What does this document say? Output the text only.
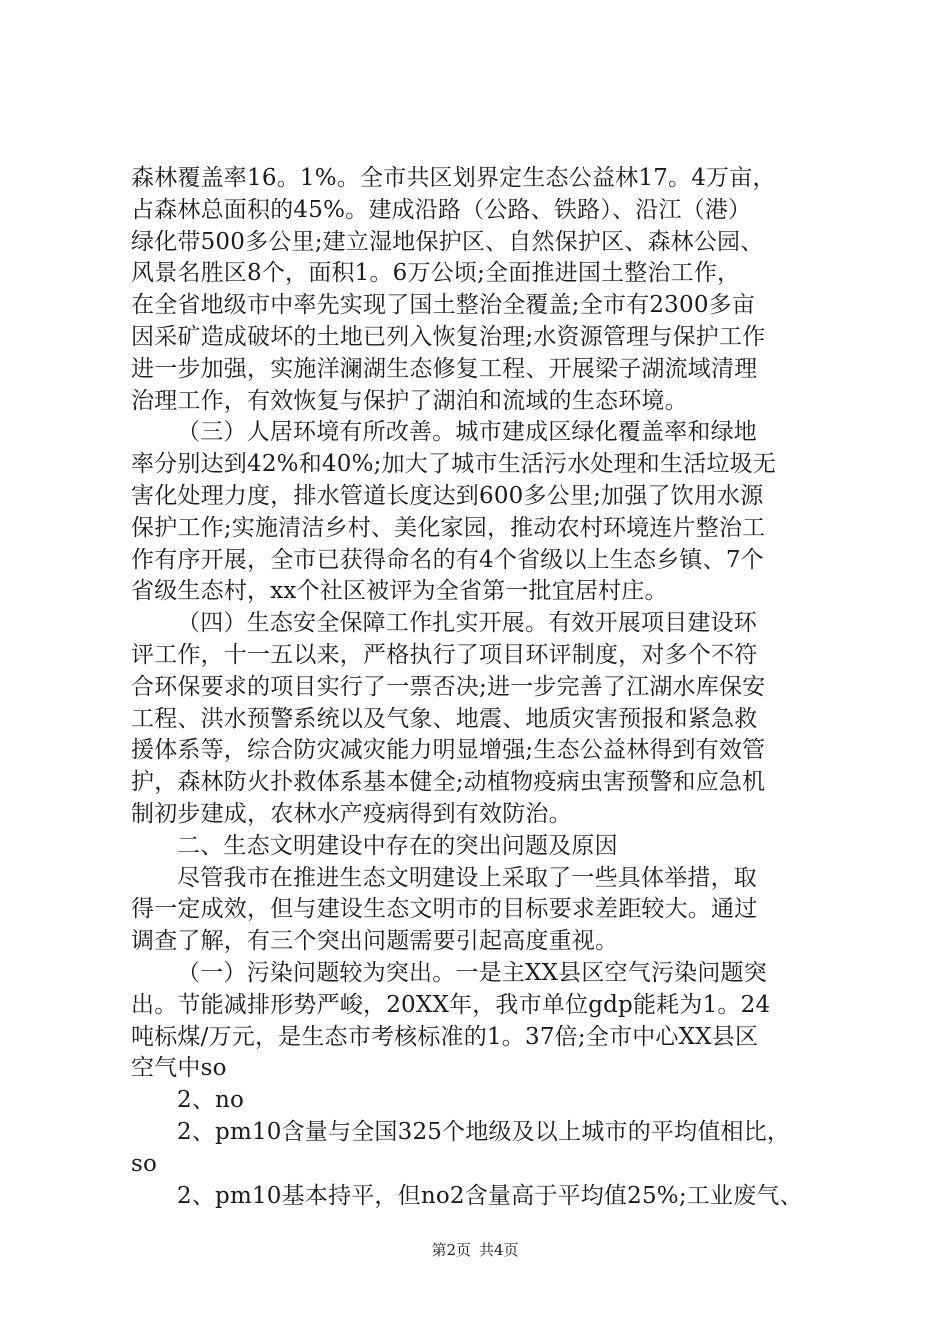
森林覆盖率16。1%。全市共区划界定生态公益林17。4万亩，
占森林总面积的45%。建成沿路（公路、铁路）、沿江（港）
绿化带500多公里;建立湿地保护区、自然保护区、森林公园、
风景名胜区8个，面积1。6万公顷;全面推进国土整治工作，
在全省地级市中率先实现了国土整治全覆盖;全市有2300多亩
因采矿造成破坏的土地已列入恢复治理;水资源管理与保护工作
进一步加强，实施洋澜湖生态修复工程、开展梁子湖流域清理
治理工作，有效恢复与保护了湖泊和流域的生态环境。
（三）人居环境有所改善。城市建成区绿化覆盖率和绿地
率分别达到42%和40%;加大了城市生活污水处理和生活垃圾无
害化处理力度，排水管道长度达到600多公里;加强了饮用水源
保护工作;实施清洁乡村、美化家园，推动农村环境连片整治工
作有序开展，全市已获得命名的有4个省级以上生态乡镇、7个
省级生态村，xx个社区被评为全省第一批宜居村庄。
（四）生态安全保障工作扎实开展。有效开展项目建设环
评工作，十一五以来，严格执行了项目环评制度，对多个不符
合环保要求的项目实行了一票否决;进一步完善了江湖水库保安
工程、洪水预警系统以及气象、地震、地质灾害预报和紧急救
援体系等，综合防灾减灾能力明显增强;生态公益林得到有效管
护，森林防火扑救体系基本健全;动植物疫病虫害预警和应急机
制初步建成，农林水产疫病得到有效防治。
二、生态文明建设中存在的突出问题及原因
尽管我市在推进生态文明建设上采取了一些具体举措，取
得一定成效，但与建设生态文明市的目标要求差距较大。通过
调查了解，有三个突出问题需要引起高度重视。
（一）污染问题较为突出。一是主XX县区空气污染问题突
出。节能减排形势严峻，20XX年，我市单位gdp能耗为1。24
吨标煤/万元，是生态市考核标准的1。37倍;全市中心XX县区
空气中so
2、no
2、pm10含量与全国325个地级及以上城市的平均值相比，
so
2、pm10基本持平，但no2含量高于平均值25%;工业废气、
第2页 共4页
